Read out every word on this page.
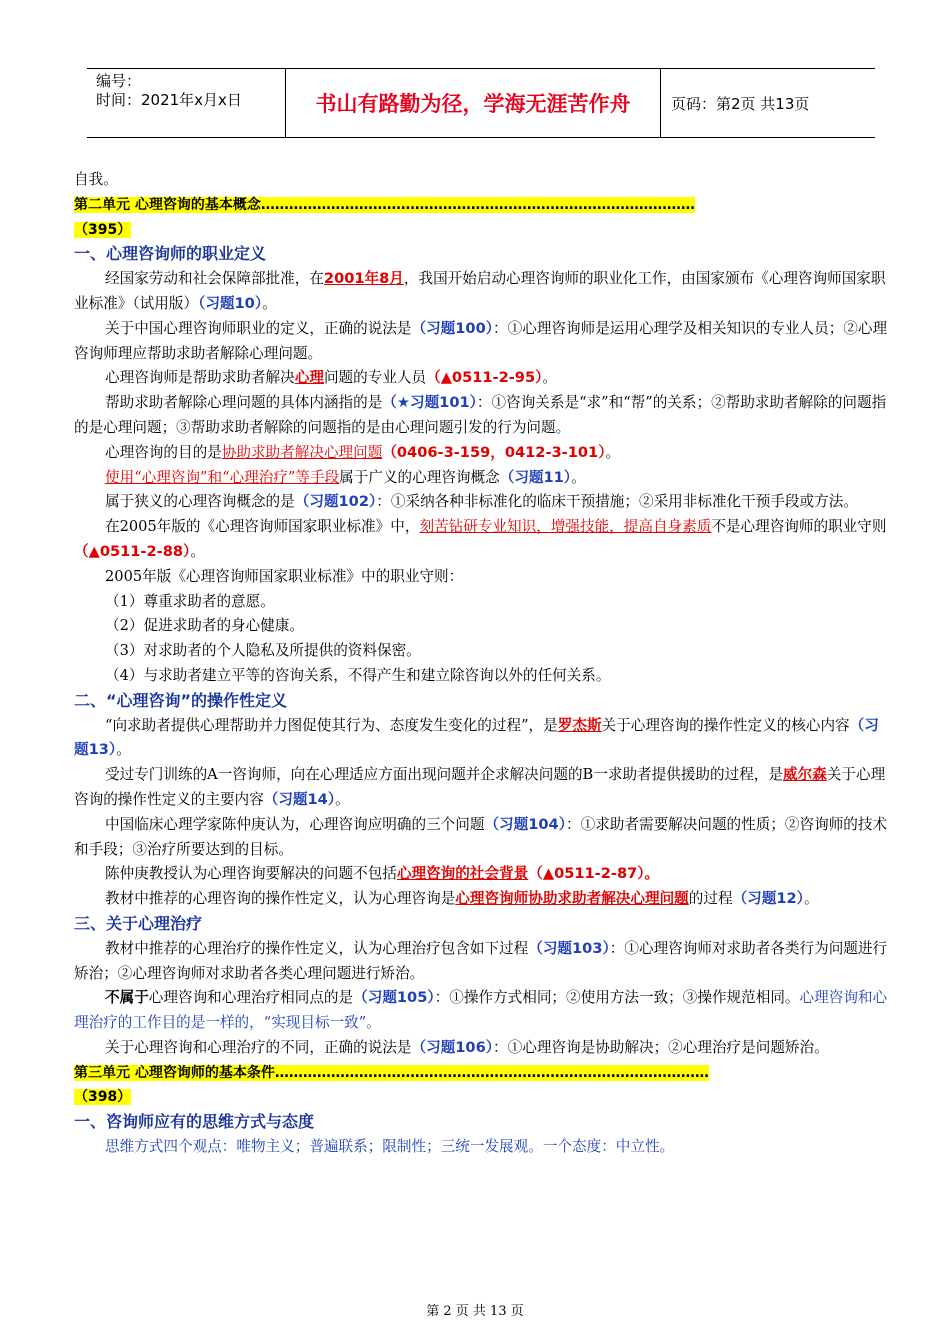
编号：
时间：2021年x月x日	书山有路勤为径，学海无涯苦作舟	页码：第2页 共13页

自我。

第二单元 心理咨询的基本概念…………………………………………………………………………………

（395）

一、心理咨询师的职业定义

经国家劳动和社会保障部批准，在2001年8月，我国开始启动心理咨询师的职业化工作，由国家颁布《心理咨询师国家职业标准》（试用版）（习题10）。

关于中国心理咨询师职业的定义，正确的说法是（习题100）：①心理咨询师是运用心理学及相关知识的专业人员；②心理咨询师理应帮助求助者解除心理问题。

心理咨询师是帮助求助者解决心理问题的专业人员（▲0511-2-95）。

帮助求助者解除心理问题的具体内涵指的是（★习题101）：①咨询关系是“求”和“帮”的关系；②帮助求助者解除的问题指的是心理问题；③帮助求助者解除的问题指的是由心理问题引发的行为问题。

心理咨询的目的是协助求助者解决心理问题（0406-3-159，0412-3-101）。

使用“心理咨询”和“心理治疗”等手段属于广义的心理咨询概念（习题11）。

属于狭义的心理咨询概念的是（习题102）：①采纳各种非标准化的临床干预措施；②采用非标准化干预手段或方法。

在2005年版的《心理咨询师国家职业标准》中，刻苦钻研专业知识，增强技能，提高自身素质不是心理咨询师的职业守则（▲0511-2-88）。

2005年版《心理咨询师国家职业标准》中的职业守则：

（1）尊重求助者的意愿。

（2）促进求助者的身心健康。

（3）对求助者的个人隐私及所提供的资料保密。

（4）与求助者建立平等的咨询关系，不得产生和建立除咨询以外的任何关系。

二、“心理咨询”的操作性定义

“向求助者提供心理帮助并力图促使其行为、态度发生变化的过程”，是罗杰斯关于心理咨询的操作性定义的核心内容（习题13）。

受过专门训练的A一咨询师，向在心理适应方面出现问题并企求解决问题的B一求助者提供援助的过程，是威尔森关于心理咨询的操作性定义的主要内容（习题14）。

中国临床心理学家陈仲庚认为，心理咨询应明确的三个问题（习题104）：①求助者需要解决问题的性质；②咨询师的技术和手段；③治疗所要达到的目标。

陈仲庚教授认为心理咨询要解决的问题不包括心理咨询的社会背景（▲0511-2-87）。

教材中推荐的心理咨询的操作性定义，认为心理咨询是心理咨询师协助求助者解决心理问题的过程（习题12）。

三、关于心理治疗

教材中推荐的心理治疗的操作性定义，认为心理治疗包含如下过程（习题103）：①心理咨询师对求助者各类行为问题进行矫治；②心理咨询师对求助者各类心理问题进行矫治。

不属于心理咨询和心理治疗相同点的是（习题105）：①操作方式相同；②使用方法一致；③操作规范相同。心理咨询和心理治疗的工作目的是一样的，“实现目标一致”。

关于心理咨询和心理治疗的不同，正确的说法是（习题106）：①心理咨询是协助解决；②心理治疗是问题矫治。

第三单元 心理咨询师的基本条件…………………………………………………………………………………

（398）

一、咨询师应有的思维方式与态度

思维方式四个观点：唯物主义；普遍联系；限制性；三统一发展观。一个态度：中立性。

第 2 页 共 13 页
